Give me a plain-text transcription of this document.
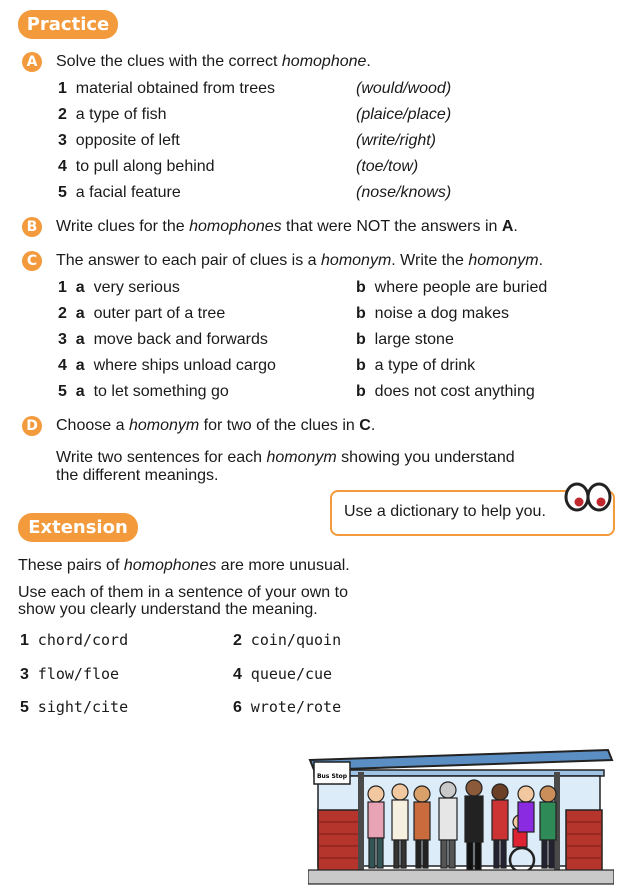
Practice
A Solve the clues with the correct homophone.
1 material obtained from trees	(would/wood)
2 a type of fish	(plaice/place)
3 opposite of left	(write/right)
4 to pull along behind	(toe/tow)
5 a facial feature	(nose/knows)
B Write clues for the homophones that were NOT the answers in A.
C	The answer to each pair of clues is a homonym. Write the homonym.
1 a very serious	b where people are buried
2 a outer part of a tree	b noise a dog makes
3 a move back and forwards	b large stone
4 a where ships unload cargo	b a type of drink
5 a to let something go	b does not cost anything
D Choose a homonym for two of the clues in C.
Write two sentences for each homonym showing you understand
the different meanings.
Use a dictionary to help you.
Extension
These pairs of homophones are more unusual.
Use each of them in a sentence of your own to
show you clearly understand the meaning.
1 chord/cord	2 coin/quoin
3 flow/floe	4 queue/cue
5 sight/cite	6 wrote/rote
Bus Stop
